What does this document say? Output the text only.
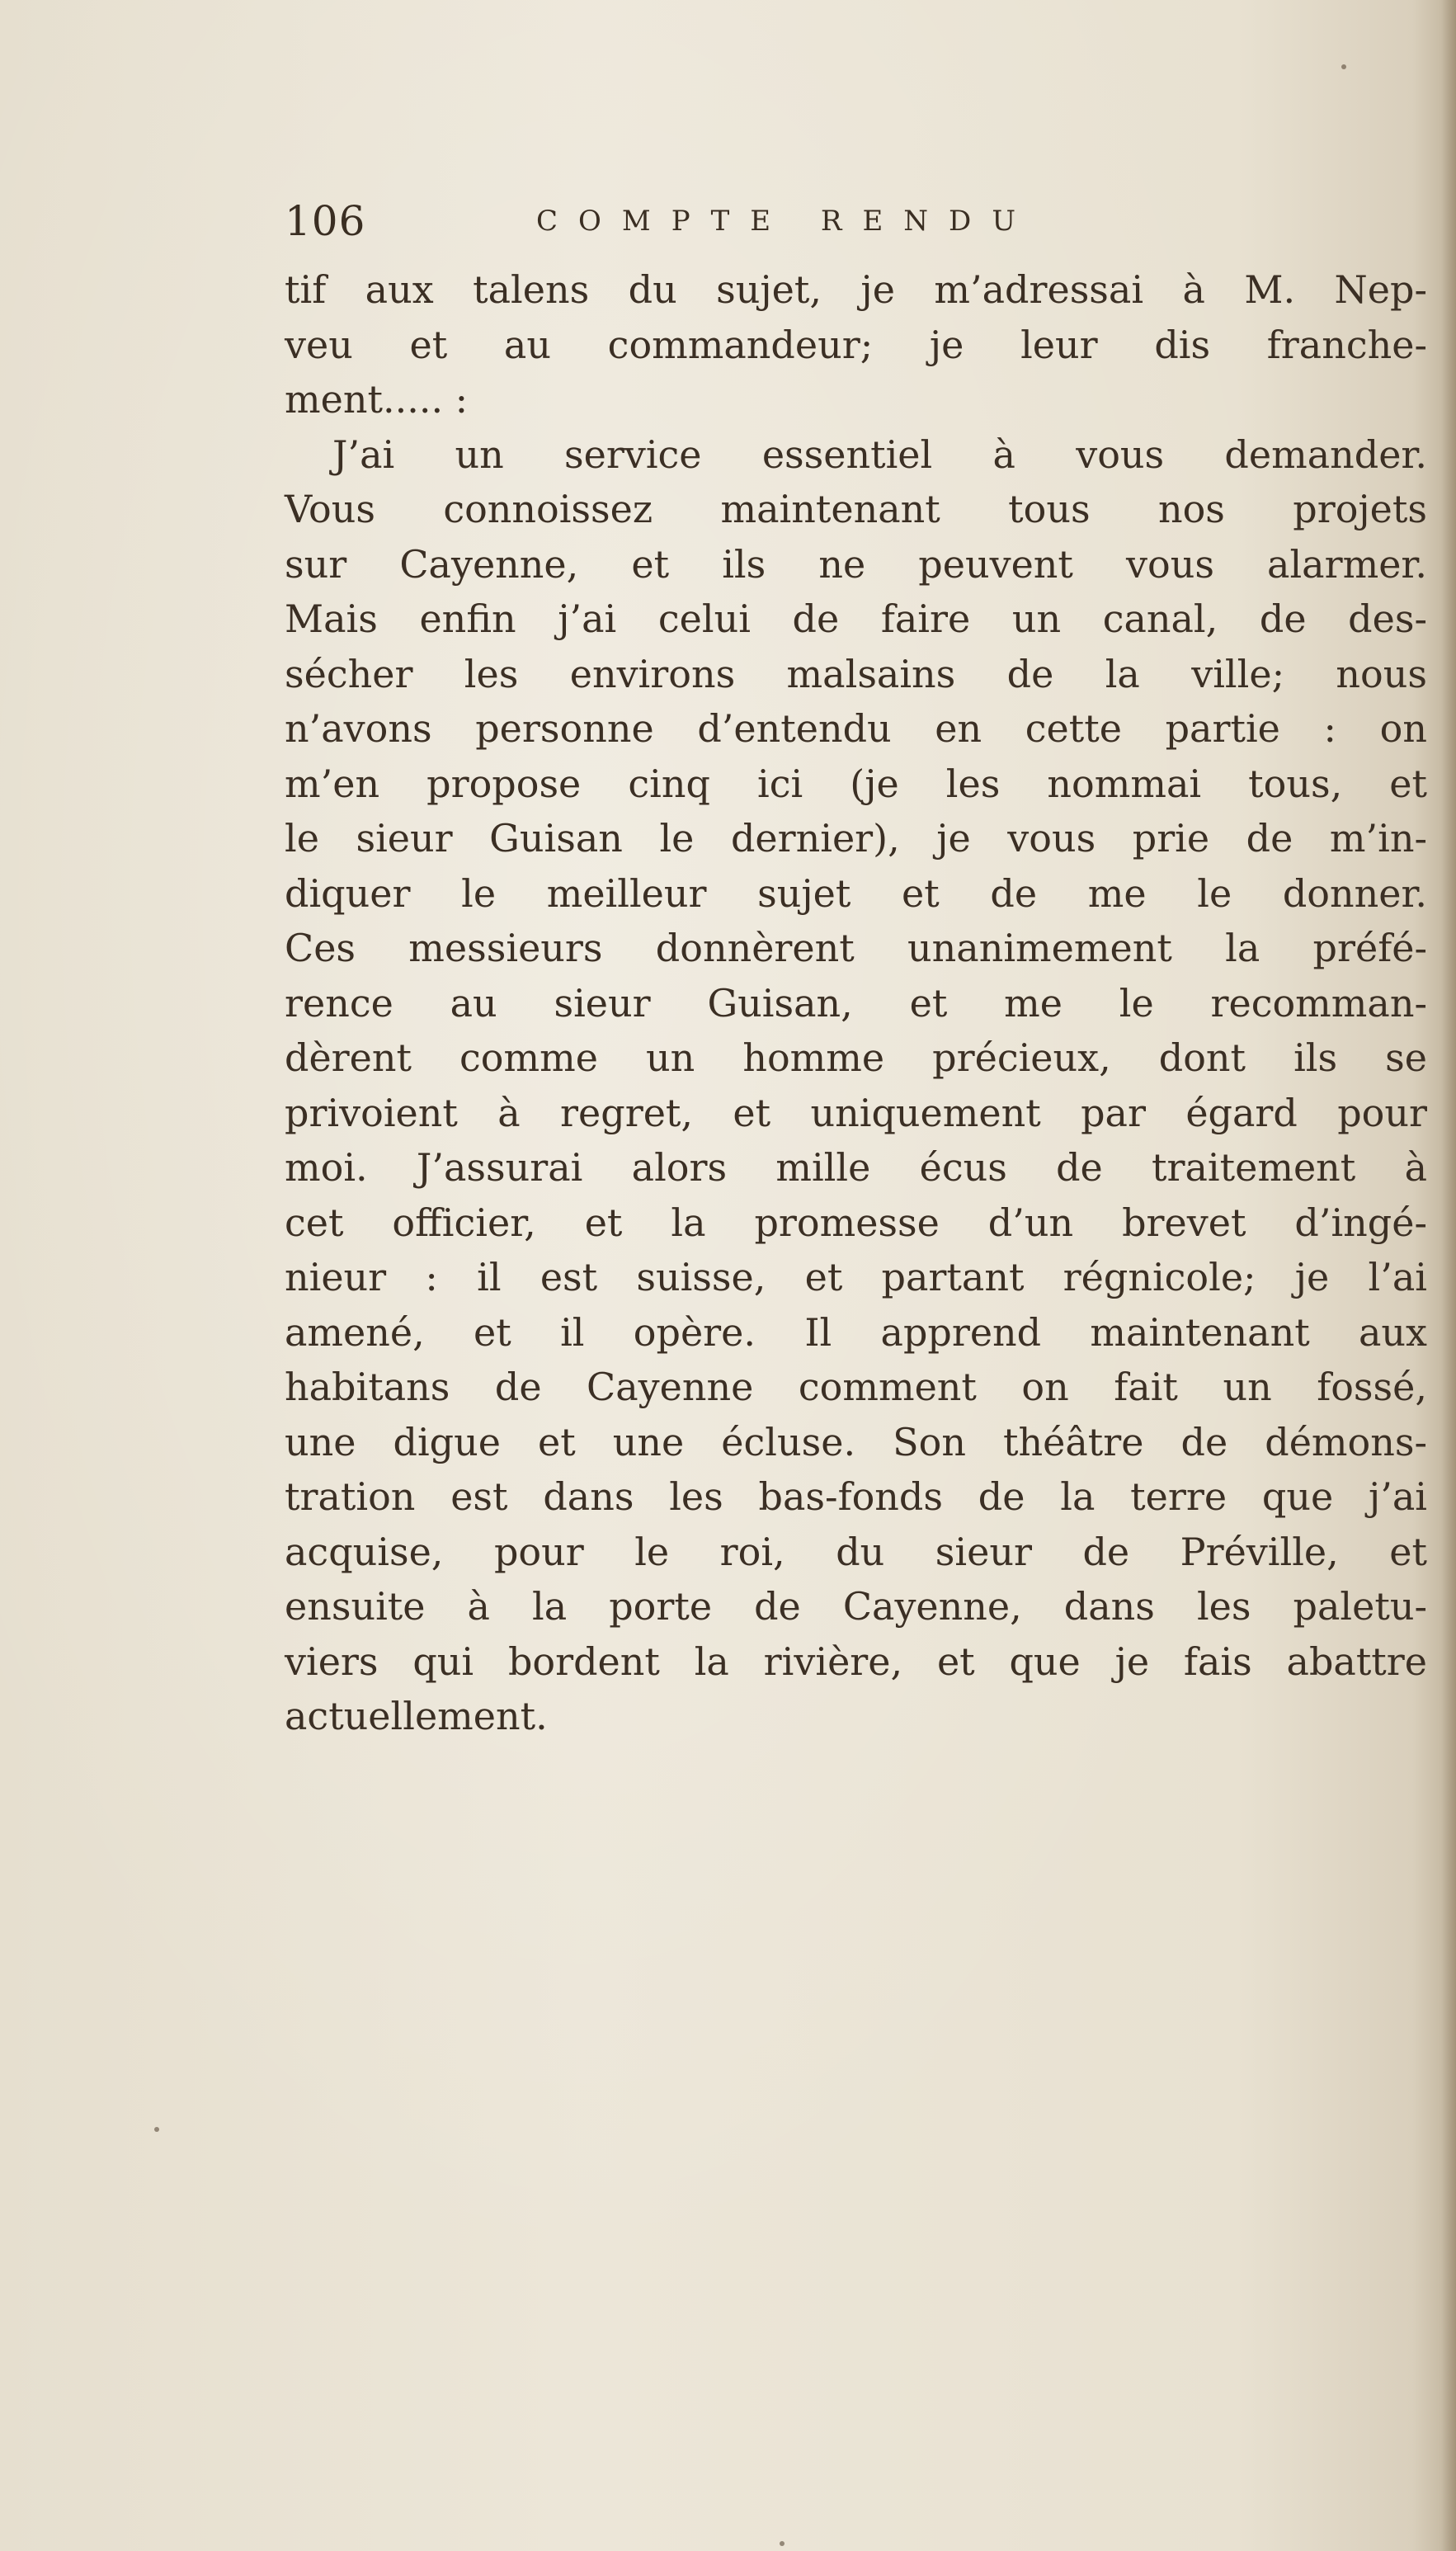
106	COMPTE RENDU
tif aux talens du sujet, je m’adressai à M. Nep-
veu et au commandeur; je leur dis franche-
ment..... :
J’ai un service essentiel à vous demander.
Vous connoissez maintenant tous nos projets
sur Cayenne, et ils ne peuvent vous alarmer.
Mais enfin j’ai celui de faire un canal, de des-
sécher les environs malsains de la ville; nous
n’avons personne d’entendu en cette partie : on
m’en propose cinq ici (je les nommai tous, et
le sieur Guisan le dernier), je vous prie de m’in-
diquer le meilleur sujet et de me le donner.
Ces messieurs donnèrent unanimement la préfé-
rence au sieur Guisan, et me le recomman-
dèrent comme un homme précieux, dont ils se
privoient à regret, et uniquement par égard pour
moi. J’assurai alors mille écus de traitement à
cet officier, et la promesse d’un brevet d’ingé-
nieur : il est suisse, et partant régnicole; je l’ai
amené, et il opère. Il apprend maintenant aux
habitans de Cayenne comment on fait un fossé,
une digue et une écluse. Son théâtre de démons-
tration est dans les bas-fonds de la terre que j’ai
acquise, pour le roi, du sieur de Préville, et
ensuite à la porte de Cayenne, dans les paletu-
viers qui bordent la rivière, et que je fais abattre
actuellement.
